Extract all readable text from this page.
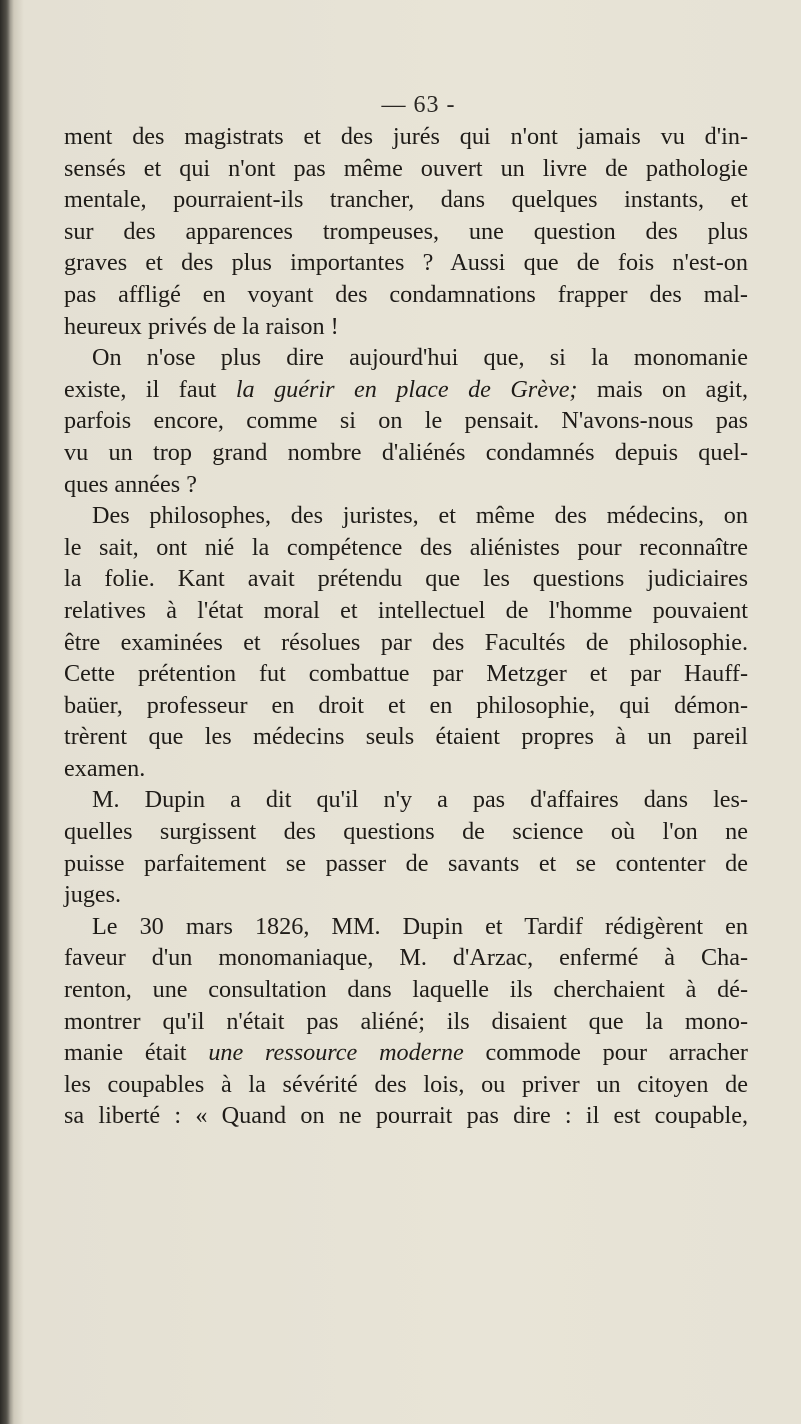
— 63 -
ment des magistrats et des jurés qui n'ont jamais vu d'in-
sensés et qui n'ont pas même ouvert un livre de pathologie
mentale, pourraient-ils trancher, dans quelques instants, et
sur des apparences trompeuses, une question des plus
graves et des plus importantes ? Aussi que de fois n'est-on
pas affligé en voyant des condamnations frapper des mal-
heureux privés de la raison !
On n'ose plus dire aujourd'hui que, si la monomanie
existe, il faut la guérir en place de Grève; mais on agit,
parfois encore, comme si on le pensait. N'avons-nous pas
vu un trop grand nombre d'aliénés condamnés depuis quel-
ques années ?
Des philosophes, des juristes, et même des médecins, on
le sait, ont nié la compétence des aliénistes pour reconnaître
la folie. Kant avait prétendu que les questions judiciaires
relatives à l'état moral et intellectuel de l'homme pouvaient
être examinées et résolues par des Facultés de philosophie.
Cette prétention fut combattue par Metzger et par Hauff-
baüer, professeur en droit et en philosophie, qui démon-
trèrent que les médecins seuls étaient propres à un pareil
examen.
M. Dupin a dit qu'il n'y a pas d'affaires dans les-
quelles surgissent des questions de science où l'on ne
puisse parfaitement se passer de savants et se contenter de
juges.
Le 30 mars 1826, MM. Dupin et Tardif rédigèrent en
faveur d'un monomaniaque, M. d'Arzac, enfermé à Cha-
renton, une consultation dans laquelle ils cherchaient à dé-
montrer qu'il n'était pas aliéné; ils disaient que la mono-
manie était une ressource moderne commode pour arracher
les coupables à la sévérité des lois, ou priver un citoyen de
sa liberté : « Quand on ne pourrait pas dire : il est coupable,
